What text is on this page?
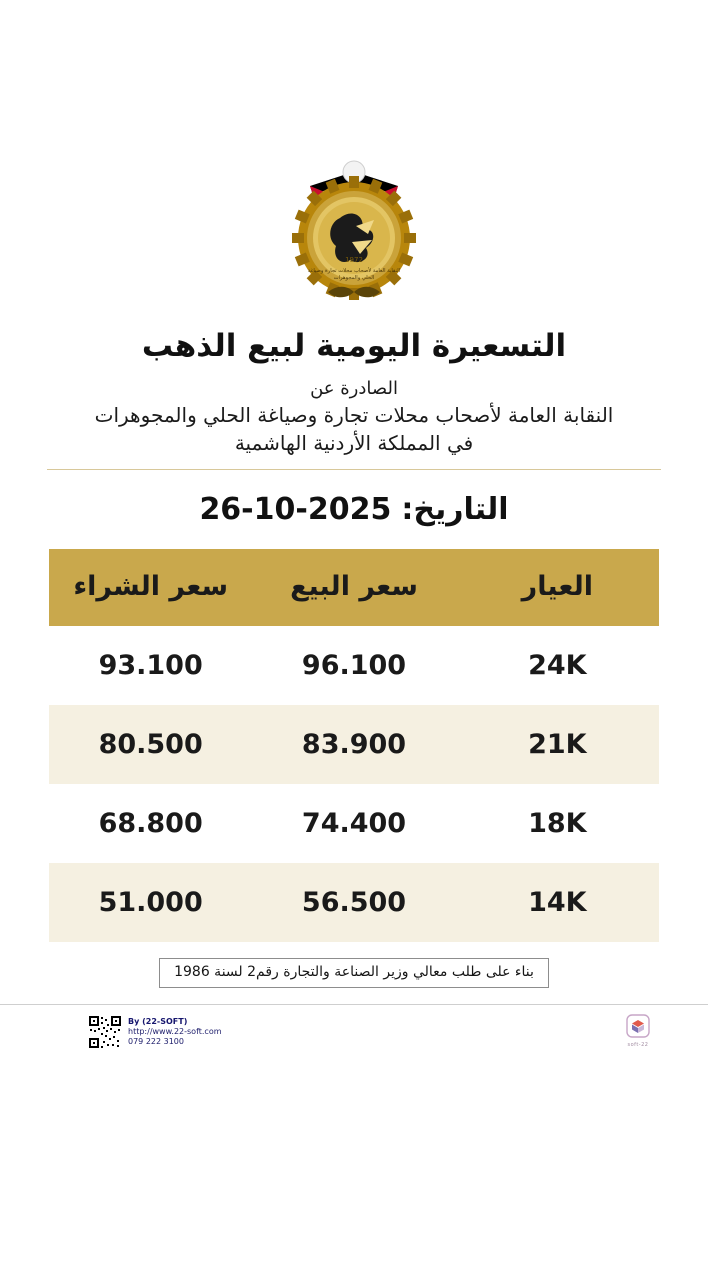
1972
النقابة العامة لأصحاب محلات تجارة وصياغة
الحلي والمجوهرات
التسعيرة اليومية لبيع الذهب
الصادرة عن
النقابة العامة لأصحاب محلات تجارة وصياغة الحلي والمجوهرات
في المملكة الأردنية الهاشمية
التاريخ:26-10-2025
العيار	سعر البيع	سعر الشراء
24K	96.100	93.100
21K	83.900	80.500
18K	74.400	68.800
14K	56.500	51.000
بناء على طلب معالي وزير الصناعة والتجارة رقم2 لسنة 1986
22-soft
By (22-SOFT)
http://www.22-soft.com
079 222 3100
